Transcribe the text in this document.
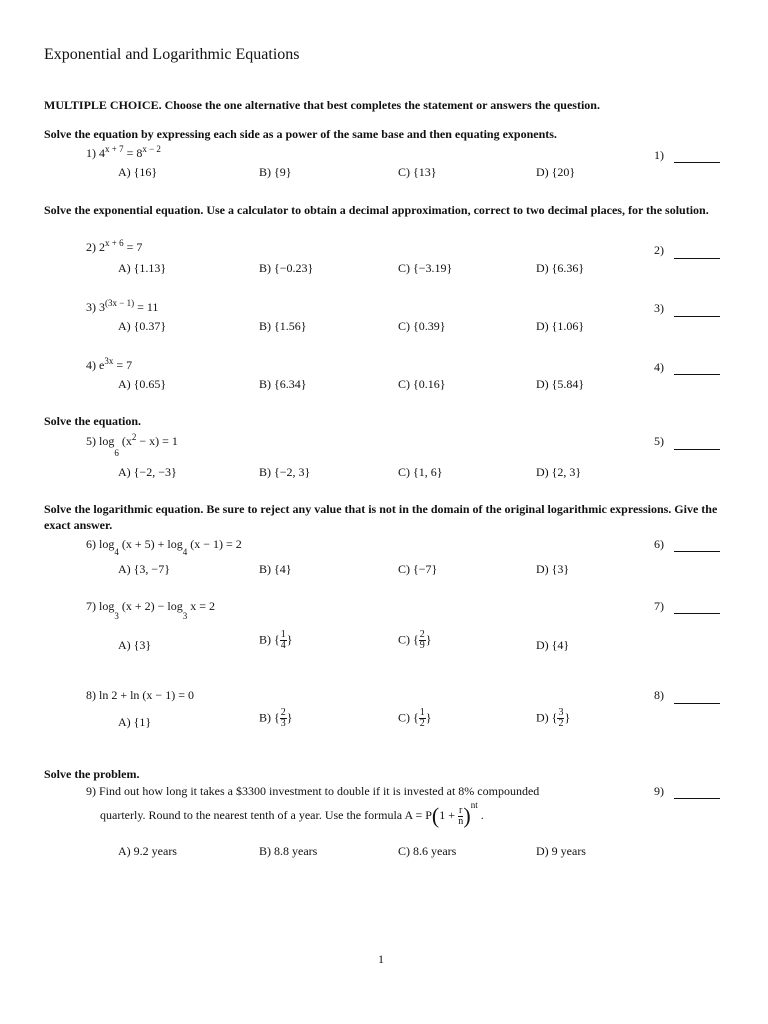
Exponential and Logarithmic Equations
MULTIPLE CHOICE. Choose the one alternative that best completes the statement or answers the question.
Solve the equation by expressing each side as a power of the same base and then equating exponents.
1) $4^{x + 7} = 8^{x - 2}$	1)
A) {16}	B) {9}	C) {13}	D) {20}
Solve the exponential equation. Use a calculator to obtain a decimal approximation, correct to two decimal places, for the solution.
2) $2^{x + 6} = 7$	2)
A) {1.13}	B) {−0.23}	C) {−3.19}	D) {6.36}
3) $3^{(3x - 1)} = 11$	3)
A) {0.37}	B) {1.56}	C) {0.39}	D) {1.06}
4) $e^{3x} = 7$	4)
A) {0.65}	B) {6.34}	C) {0.16}	D) {5.84}
Solve the equation.
5) $\log_6 (x^2 - x) = 1$	5)
A) {−2, −3}	B) {−2, 3}	C) {1, 6}	D) {2, 3}
Solve the logarithmic equation. Be sure to reject any value that is not in the domain of the original logarithmic expressions. Give the exact answer.
6) $\log_4 (x + 5) + \log_4 (x - 1) = 2$	6)
A) {3, −7}	B) {4}	C) {−7}	D) {3}
7) $\log_3 (x + 2) - \log_3 x = 2$	7)
A) {3}	B) { $\frac{1}{4}$ }	C) { $\frac{2}{9}$ }	D) {4}
8) ln 2 + ln (x − 1) = 0	8)
A) {1}	B) { $\frac{2}{3}$ }	C) { $\frac{1}{2}$ }	D) { $\frac{3}{2}$ }
Solve the problem.
9) Find out how long it takes a $3300 investment to double if it is invested at 8% compounded	9)
quarterly. Round to the nearest tenth of a year. Use the formula $A = P(1 + \frac{r}{n} )^{nt}$ .
A) 9.2 years	B) 8.8 years	C) 8.6 years	D) 9 years
1
